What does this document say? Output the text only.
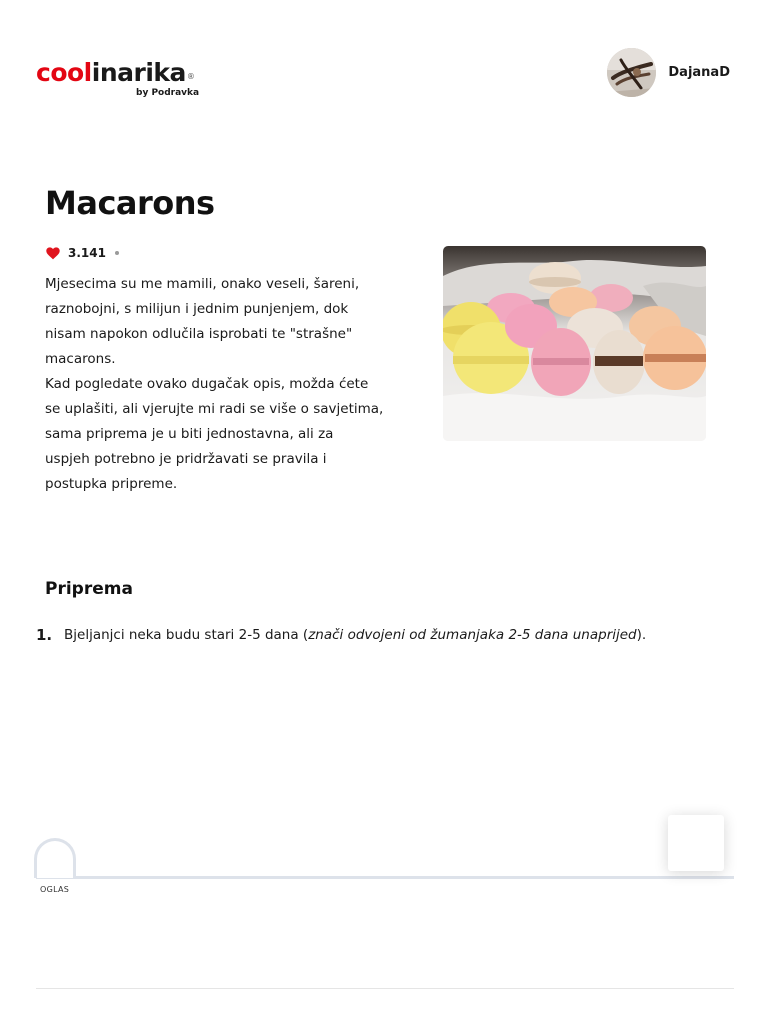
coolinarika®
by Podravka
DajanaD
Macarons
3.141

Mjesecima su me mamili, onako veseli, šareni,

raznobojni, s milijun i jednim punjenjem, dok

nisam napokon odlučila isprobati te "strašne"

macarons.

Kad pogledate ovako dugačak opis, možda ćete

se uplašiti, ali vjerujte mi radi se više o savjetima,

sama priprema je u biti jednostavna, ali za

uspjeh potrebno je pridržavati se pravila i

postupka pripreme.

Priprema
1. Bjeljanjci neka budu stari 2-5 dana (znači odvojeni od žumanjaka 2-5 dana unaprijed).
OGLAS
